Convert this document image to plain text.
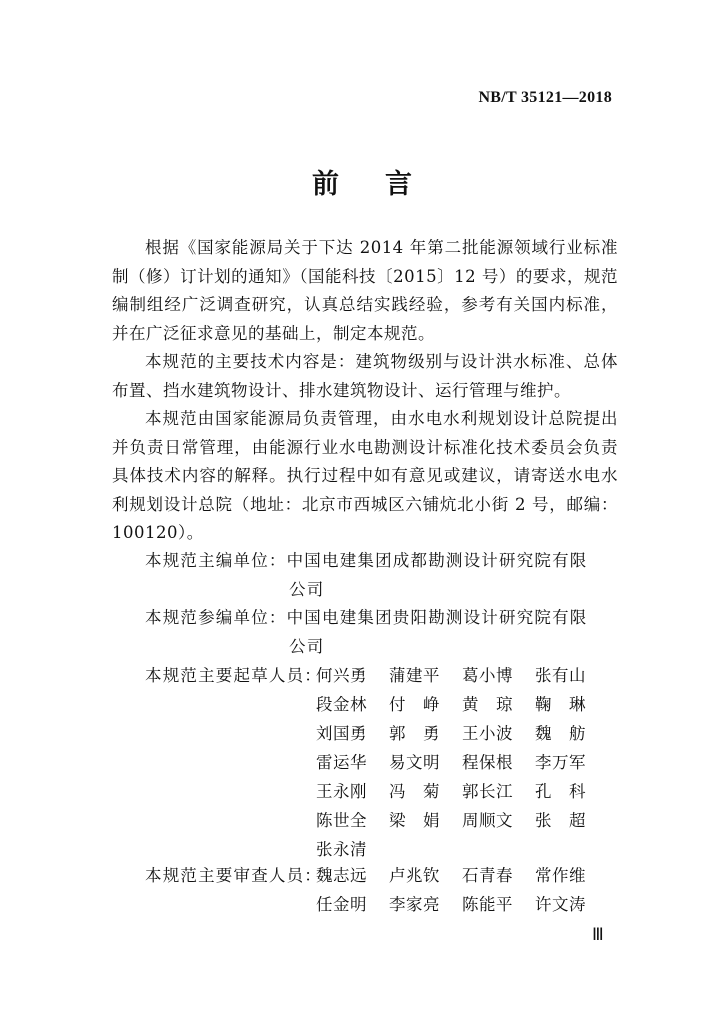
NB/T 35121—2018
前言
根据《国家能源局关于下达 2014 年第二批能源领域行业标准制（修）订计划的通知》（国能科技〔2015〕12 号）的要求，规范编制组经广泛调查研究，认真总结实践经验，参考有关国内标准，并在广泛征求意见的基础上，制定本规范。
本规范的主要技术内容是：建筑物级别与设计洪水标准、总体布置、挡水建筑物设计、排水建筑物设计、运行管理与维护。
本规范由国家能源局负责管理，由水电水利规划设计总院提出并负责日常管理，由能源行业水电勘测设计标准化技术委员会负责具体技术内容的解释。执行过程中如有意见或建议，请寄送水电水利规划设计总院（地址：北京市西城区六铺炕北小街 2 号，邮编：100120）。
本规范主编单位：中国电建集团成都勘测设计研究院有限
公司
本规范参编单位：中国电建集团贵阳勘测设计研究院有限
公司
本规范主要起草人员：
何兴勇 蒲建平 葛小博 张有山
段金林 付　峥 黄　琼 鞠　琳
刘国勇 郭　勇 王小波 魏　舫
雷运华 易文明 程保根 李万军
王永刚 冯　菊 郭长江 孔　科
陈世全 梁　娟 周顺文 张　超
张永清
本规范主要审查人员：
魏志远 卢兆钦 石青春 常作维
任金明 李家亮 陈能平 许文涛
Ⅲ
